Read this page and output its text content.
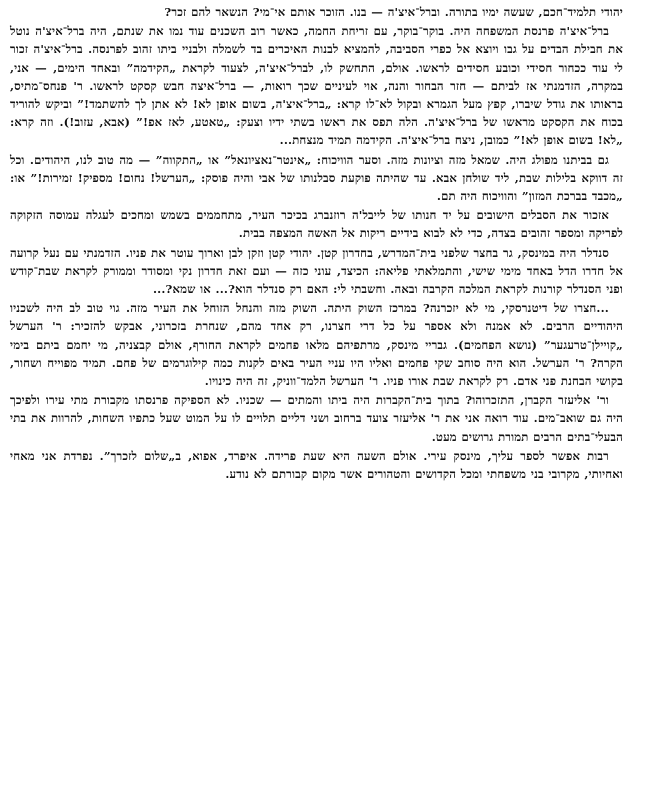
יהודי תלמיד־חכם, שעשה ימיו בתורה. וברל־איצ'ה — בנו. הזוכר אותם אי־מי? הנשאר להם זכר?

ברל־איצ'ה פרנסת המשפחה היה. בוקר־בוקר, עם זריחת החמה, כאשר רוב השכנים עוד נמו את שנתם, היה ברל־איצ'ה נוטל את חבילת הבדים על גבו ויוצא אל כפרי הסביבה, להמציא לבנות האיכרים בד לשמלה ולבניי ביתו זהוב לפרנסה. ברל־איצ'ה זכור לי עוד ככחור חסידי וכובע חסידים לראשו. אולם, התחשק לו, לברל־איצ'ה, לצעוד לקראת „הקידמה” ובאחד הימים, — אני, במקרה, הזדמנתי אז לביתם — חזר הבחור והנה, אוי לעיניים שכך רואות, — ברל־איצה חבש קסקט לראשו. ר' פנחס־מתיס, בראותו את גודל שיברו, קפץ מעל הגמרא ובקול לא־לו קרא: „ברל־איצ'ה, בשום אופן לא! לא אתן לך להשתמד!” וביקש להוריד בכוח את הקסקט מראשו של ברל־איצ'ה. הלה תפס את ראשו בשתי ידיו וצעק: „טאטע, לאז אפ!” (אבא, עזוב!). וזה קרא: „לא! בשום אופן לא!” כמובן, ניצח ברל־איצ'ה. הקידמה תמיד מנצחת...

גם בביתנו מפולג היה. שמאל מזה וציונות מזה. וסער הוויכוח: „אינטר־נאציונאל” או „התקווה” — מה טוב לנו, היהודים. וכל זה דווקא בלילות שבת, ליד שולחן אבא. עד שהיתה פוקעת סבלנותו של אבי והיה פוסק: „הערשל! נחום! מספיק! זמירות!” או: „מכבד בברכת המזון” והוויכוח היה תם.

אזכור את הסבלים הישובים על יד חנותו של לייבל'ה רוזנברג בכיכר העיר, מתחממים בשמש ומחכים לעגלה עמוסה הזקוקה לפריקה ומספר זהובים בצדה, כדי לא לבוא בידיים ריקות אל האשה המצפה בבית.

סנדלר היה במינסק, גר בחצר שלפני בית־המדרש, בחדרון קטן. יהודי קטן וזקן לבן וארוך עוטר את פניו. הזדמנתי עם נעל קרועה אל חדרו הדל באחד מימי שישי, והתמלאתי פליאה: הכיצד, עוני כזה — ועם זאת חדרון נקי ומסודר וממורק לקראת שבת־קודש ופני הסנדלר קורנות לקראת המלכה הקרבה ובאה. וחשבתי לי: האם רק סנדלר הוא?... או שמא?...

...חצרו של דיטנרסקי, מי לא יזכרנה? במרכז השוק היתה. השוק מזה והנחל הזוחל את העיר מזה. גוי טוב לב היה לשכניו היהודיים הרבים. לא אמנה ולא אספר על כל דרי חצרנו, רק אחד מהם, שנחרת בזכרוני, אבקש להזכיר: ר' הערשל „קויילן־טרעגער” (נושא הפחמים). גבריי מינסק, מרתפיהם מלאו פחמים לקראת החורף, אולם קבצניה, מי יחמם ביתם בימי הקרה? ר' הערשל. הוא היה סוחב שקי פחמים ואליו היו עניי העיר באים לקנות כמה קילוגרמים של פחם. תמיד מפוייח ושחור, בקושי הבחנת פני אדם. רק לקראת שבת אורו פניו. ר' הערשל הלמד־ווניק, זה היה כינויו.

ור' אליעזר הקברן, התזכרוהו? בתוך בית־הקברות היה ביתו והמתים — שכניו. לא הספיקה פרנסתו מקבורת מתי עירו ולפיכך היה גם שואב־מים. עוד רואה אני את ר' אליעזר צועד ברחוב ושני דליים תלויים לו על המוט שעל כתפיו השחות, להרוות את בתי הבעלי־בתים הרבים תמורת גרושים מעט.

רבות אפשר לספר עליך, מינסק עירי. אולם השעה היא שעת פרידה. איפרד, אפוא, ב„שלום לזכרך”. נפרדת אני מאחי ואחיותי, מקרובי בני משפחתי ומכל הקדושים והטהורים אשר מקום קבורתם לא נודע.
